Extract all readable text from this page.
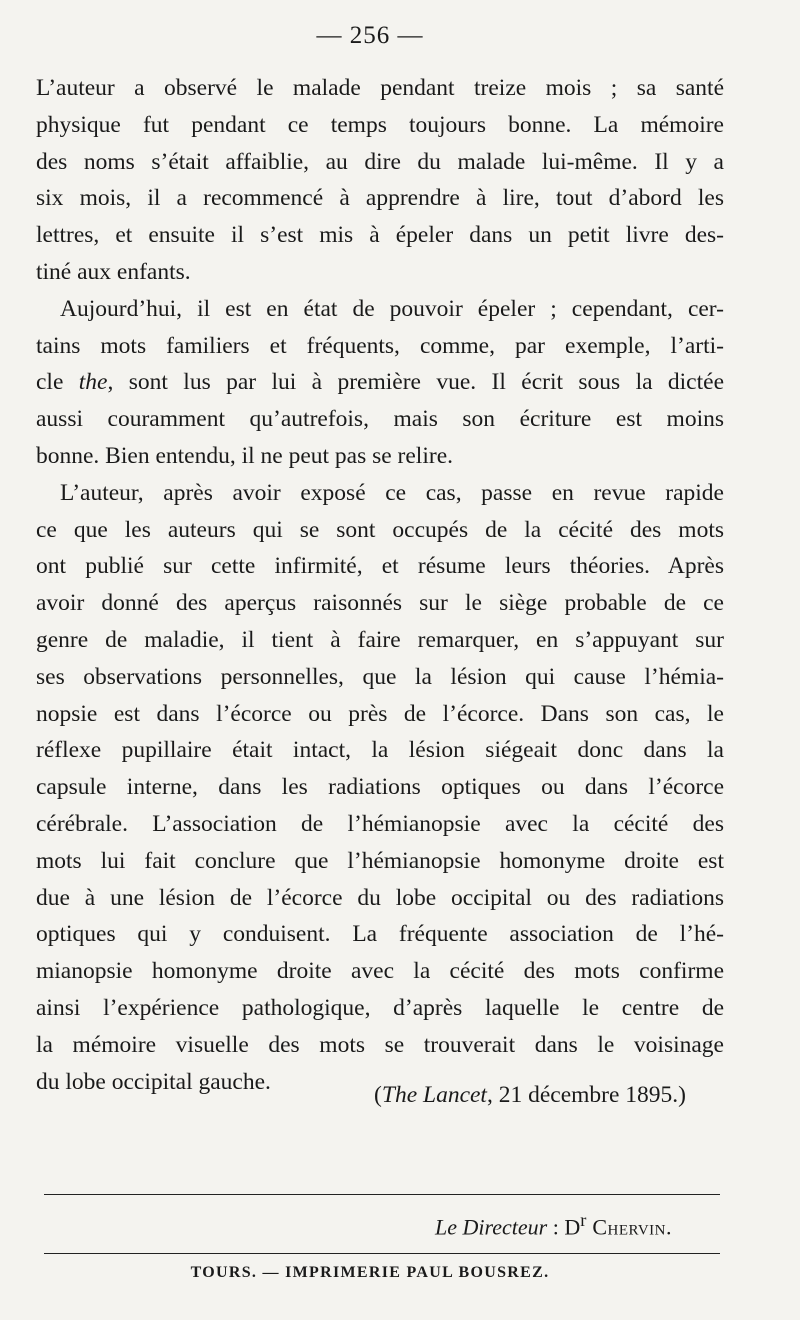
— 256 —
L’auteur a observé le malade pendant treize mois ; sa santé
physique fut pendant ce temps toujours bonne. La mémoire
des noms s’était affaiblie, au dire du malade lui-même. Il y a
six mois, il a recommencé à apprendre à lire, tout d’abord les
lettres, et ensuite il s’est mis à épeler dans un petit livre des-
tiné aux enfants.
Aujourd’hui, il est en état de pouvoir épeler ; cependant, cer-
tains mots familiers et fréquents, comme, par exemple, l’arti-
cle the, sont lus par lui à première vue. Il écrit sous la dictée
aussi couramment qu’autrefois, mais son écriture est moins
bonne. Bien entendu, il ne peut pas se relire.
L’auteur, après avoir exposé ce cas, passe en revue rapide
ce que les auteurs qui se sont occupés de la cécité des mots
ont publié sur cette infirmité, et résume leurs théories. Après
avoir donné des aperçus raisonnés sur le siège probable de ce
genre de maladie, il tient à faire remarquer, en s’appuyant sur
ses observations personnelles, que la lésion qui cause l’hémia-
nopsie est dans l’écorce ou près de l’écorce. Dans son cas, le
réflexe pupillaire était intact, la lésion siégeait donc dans la
capsule interne, dans les radiations optiques ou dans l’écorce
cérébrale. L’association de l’hémianopsie avec la cécité des
mots lui fait conclure que l’hémianopsie homonyme droite est
due à une lésion de l’écorce du lobe occipital ou des radiations
optiques qui y conduisent. La fréquente association de l’hé-
mianopsie homonyme droite avec la cécité des mots confirme
ainsi l’expérience pathologique, d’après laquelle le centre de
la mémoire visuelle des mots se trouverait dans le voisinage
du lobe occipital gauche.
(The Lancet, 21 décembre 1895.)
Le Directeur : $D^r$ Chervin.
TOURS. — IMPRIMERIE PAUL BOUSREZ.
